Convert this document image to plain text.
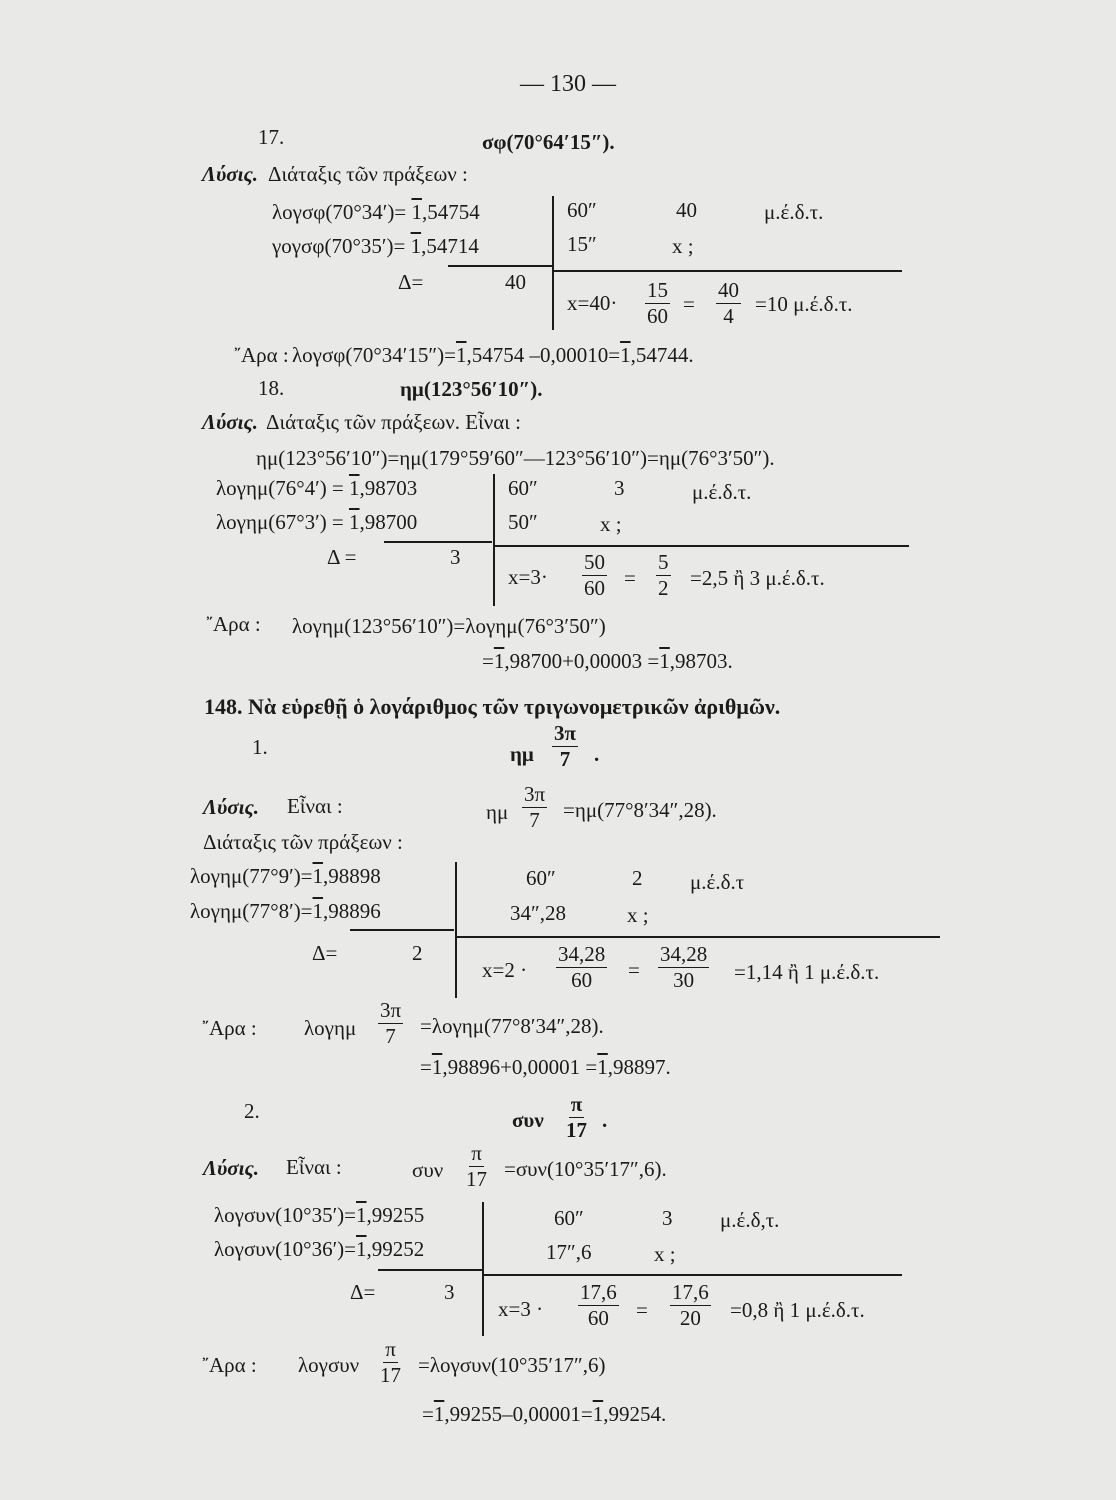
— 130 —
17.	σφ(70°64′15″).
Λύσις. Διάταξις τῶν πράξεων :
λογσφ(70°34′)= 1,54754
γογσφ(70°35′)= 1,54714
Δ=	40
60″	40	μ.έ.δ.τ.
15″	x ;
$x=40\cdot \frac{15}{60} = \frac{40}{4} =10$ μ.έ.δ.τ.
῎Αρα : λογσφ(70°34′15″)=1,54754 –0,00010=1,54744.
18.	ημ(123°56′10″).
Λύσις. Διάταξις τῶν πράξεων. Εἶναι :
ημ(123°56′10″)=ημ(179°59′60″—123°56′10″)=ημ(76°3′50″).
λογημ(76°4′) = 1,98703
λογημ(67°3′) = 1,98700
Δ =	3
60″	3	μ.έ.δ.τ.
50″	x ;
$x=3\cdot \frac{50}{60} = \frac{5}{2} =2,5$ ἢ 3 μ.έ.δ.τ.
῎Αρα : λογημ(123°56′10″)=λογημ(76°3′50″)
=1,98700+0,00003 =1,98703.
148. Νὰ εὑρεθῇ ὁ λογάριθμος τῶν τριγωνομετρικῶν ἀριθμῶν.
1.	ημ $\frac{3\pi}{7}$ .
Λύσις. Εἶναι :	ημ $\frac{3\pi}{7} =\eta\mu(77^\circ 8'34'',28)$.
Διάταξις τῶν πράξεων :
λογημ(77°9′)=1,98898
λογημ(77°8′)=1,98896
Δ=	2
60″	2 μ.έ.δ.τ
34″,28	x ;
$x=2 \cdot \frac{34,28}{60} = \frac{34,28}{30} =1,14$ ἢ 1 μ.έ.δ.τ.
῎Αρα : λογημ $\frac{3\pi}{7} =\lambda o\gamma\eta\mu(77^\circ 8'34'',28)$.
=1,98896+0,00001 =1,98897.
2.	συν $\frac{\pi}{17}$ .
Λύσις. Εἶναι :	συν $\frac{\pi}{17} =\sigma\upsilon\nu(10^\circ 35'17'',6)$.
λογσυν(10°35′)=1,99255
λογσυν(10°36′)=1,99252
Δ=	3
60″	3 μ.έ.δ,τ.
17″,6	x ;
$x=3 \cdot \frac{17,6}{60} = \frac{17,6}{20} =0,8$ ἢ 1 μ.έ.δ.τ.
῎Αρα : λογσυν $\frac{\pi}{17} =\lambda o\gamma\sigma\upsilon\nu(10^\circ 35'17'',6)$
=1,99255–0,00001=1,99254.
